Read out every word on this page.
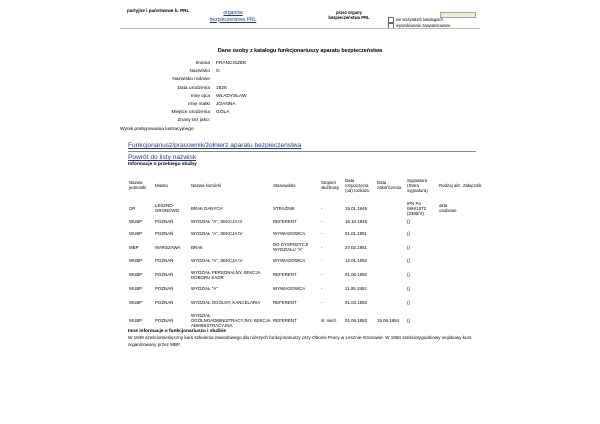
partyjne i państwowe b. PRL	organów
bezpieczeństwa PRL
przez organy
bezpieczeństwa PRL	we wszystkich katalogach
wyszukiwanie zaawansowane
Dane osoby z katalogu funkcjonariuszy aparatu bezpieczeństwa
Imiona	FRANCISZEK
Nazwisko	G
Nazwisko rodowe
Data urodzenia	1928
Imię ojca	WŁADYSŁAW
Imię matki	JOANNA
Miejsce urodzenia	GOLA
Znany też jako:
Wynik postępowania lustracyjnego
Funkcjonariusz/pracownik/żołnierz aparatu bezpieczeństwa
Powrót do listy nazwisk
Informacje o przebiegu służby
Nazwa jednostki	Miasto	Nazwa komórki	Stanowisko	Stopień służbowy	Data rozpoczęcia (od) rozkazu	Data zakończenia	Sygnatura (Stara sygnatura)	Rodzaj akt.	Załącznik
OP	LESZNO-GRONOWO	BRAK DANYCH	STRAŻNIK	-	15.01.1949		IPN Po 08H/1072 (2380/V)	akta osobowe	
WUBP	POZNAŃ	WYDZIAŁ "A", SEKCJA III	REFERENT	-	15.10.1949		()		
WUBP	POZNAŃ	WYDZIAŁ "A", SEKCJA IV	WYWIADOWCA	-	01.01.1951		()		
MBP	WARSZAWA	BRAK	DO DYSPOZYCJI WYDZIAŁU "A"	-	27.02.1951		()		
WUBP	POZNAŃ	WYDZIAŁ "A", SEKCJA IV	WYWIADOWCA	-	12.01.1952		()		
WUBP	POZNAŃ	WYDZIAŁ PERSONALNY, SEKCJA DOBORU KADR	REFERENT	-	01.06.1952		()		
WUBP	POZNAŃ	WYDZIAŁ "A"	WYWIADOWCA	-	11.06.1952		()		
WUBP	POZNAŃ	WYDZIAŁ OGÓLNY, KANCELARIA	REFERENT	-	01.03.1953		()		
WUBP	POZNAŃ	WYDZIAŁ OGÓLNOADMINISTRACYJNY, SEKCJA ADMINISTRACYJNA	REFERENT	st. sierż.	01.06.1953	15.06.1954	()		
Inne informacje o funkcjonariuszu i służbie
W 1949 sześciomiesięczny kurs szkolenia zawodowego dla niższych funkcjonariuszy przy Obozie Pracy w Lesznie-Gronowie. W 1950 sześciotygodniowy wojskowy kurs organizowany przez MBP.
